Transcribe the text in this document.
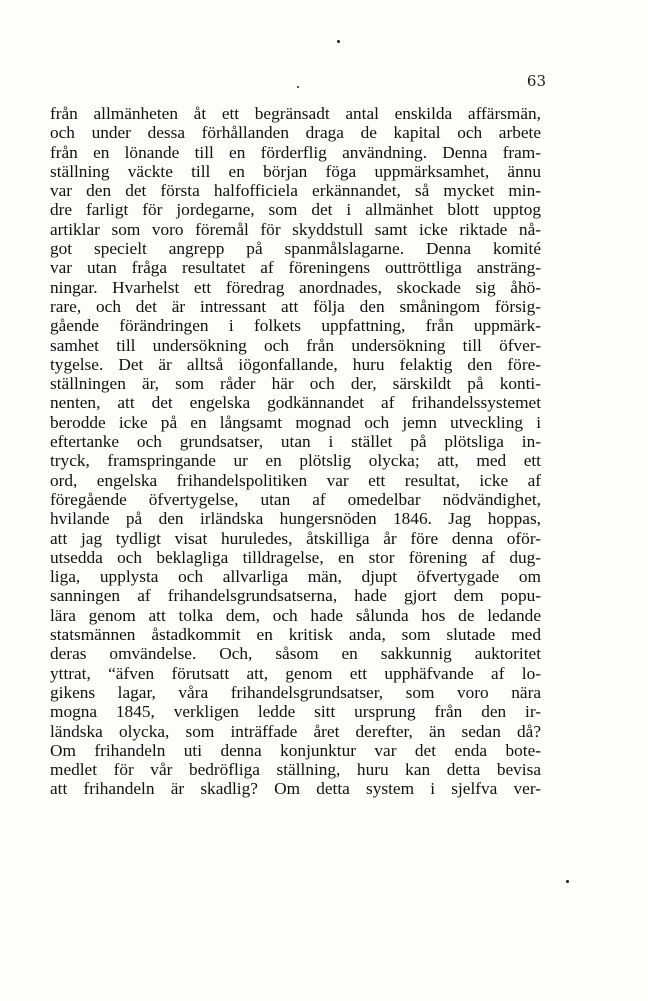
63
från allmänheten åt ett begränsadt antal enskilda affärsmän,
och under dessa förhållanden draga de kapital och arbete
från en lönande till en förderflig användning. Denna fram-
ställning väckte till en början föga uppmärksamhet, ännu
var den det första halfofficiela erkännandet, så mycket min-
dre farligt för jordegarne, som det i allmänhet blott upptog
artiklar som voro föremål för skyddstull samt icke riktade nå-
got specielt angrepp på spanmålslagarne. Denna komité
var utan fråga resultatet af föreningens outtröttliga ansträng-
ningar. Hvarhelst ett föredrag anordnades, skockade sig åhö-
rare, och det är intressant att följa den småningom försig-
gående förändringen i folkets uppfattning, från uppmärk-
samhet till undersökning och från undersökning till öfver-
tygelse. Det är alltså iögonfallande, huru felaktig den före-
ställningen är, som råder här och der, särskildt på konti-
nenten, att det engelska godkännandet af frihandelssystemet
berodde icke på en långsamt mognad och jemn utveckling i
eftertanke och grundsatser, utan i stället på plötsliga in-
tryck, framspringande ur en plötslig olycka; att, med ett
ord, engelska frihandelspolitiken var ett resultat, icke af
föregående öfvertygelse, utan af omedelbar nödvändighet,
hvilande på den irländska hungersnöden 1846. Jag hoppas,
att jag tydligt visat huruledes, åtskilliga år före denna oför-
utsedda och beklagliga tilldragelse, en stor förening af dug-
liga, upplysta och allvarliga män, djupt öfvertygade om
sanningen af frihandelsgrundsatserna, hade gjort dem popu-
lära genom att tolka dem, och hade sålunda hos de ledande
statsmännen åstadkommit en kritisk anda, som slutade med
deras omvändelse. Och, såsom en sakkunnig auktoritet
yttrat, “äfven förutsatt att, genom ett upphäfvande af lo-
gikens lagar, våra frihandelsgrundsatser, som voro nära
mogna 1845, verkligen ledde sitt ursprung från den ir-
ländska olycka, som inträffade året derefter, än sedan då?
Om frihandeln uti denna konjunktur var det enda bote-
medlet för vår bedröfliga ställning, huru kan detta bevisa
att frihandeln är skadlig? Om detta system i sjelfva ver-
